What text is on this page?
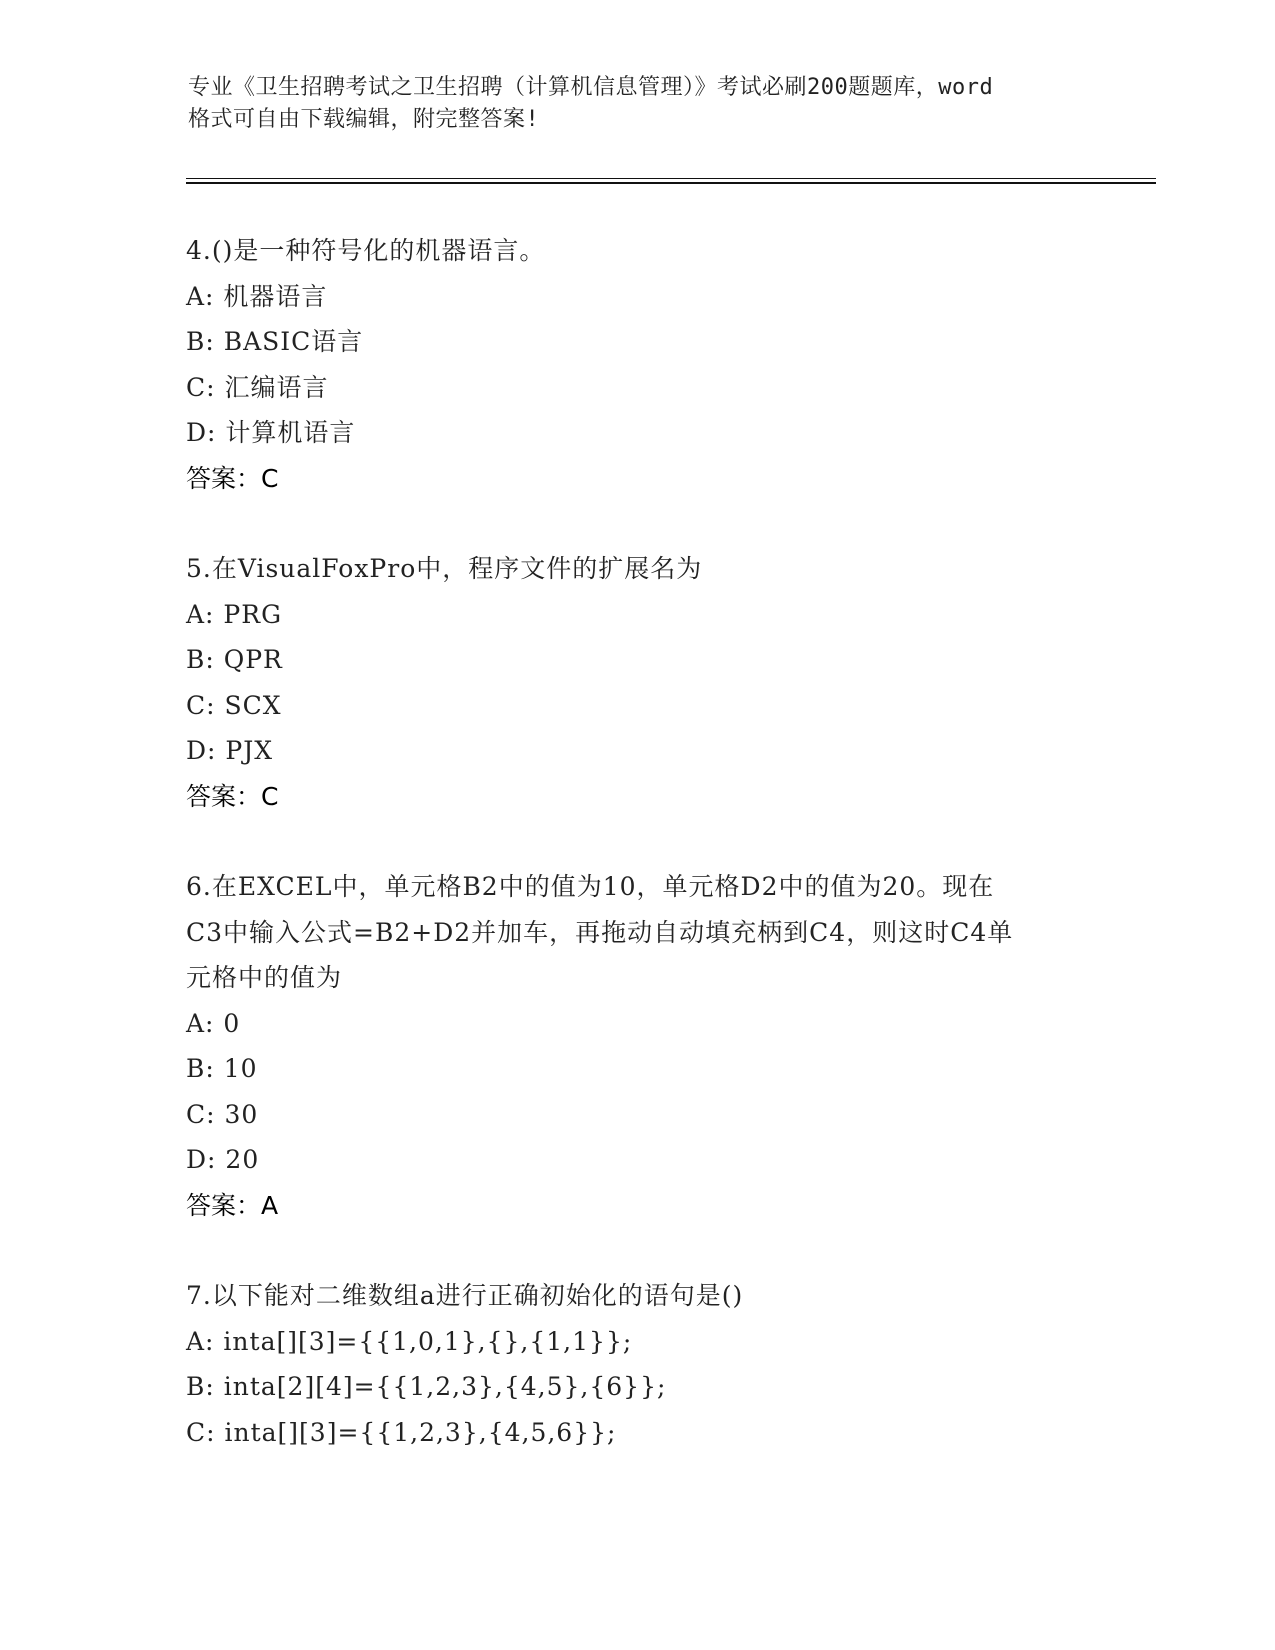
专业《卫生招聘考试之卫生招聘（计算机信息管理）》考试必刷200题题库，word
格式可自由下载编辑，附完整答案!
4.()是一种符号化的机器语言。
A: 机器语言
B: BASIC语言
C: 汇编语言
D: 计算机语言
答案：C
5.在VisualFoxPro中，程序文件的扩展名为
A: PRG
B: QPR
C: SCX
D: PJX
答案：C
6.在EXCEL中，单元格B2中的值为10，单元格D2中的值为20。现在
C3中输入公式=B2+D2并加车，再拖动自动填充柄到C4，则这时C4单
元格中的值为
A: 0
B: 10
C: 30
D: 20
答案：A
7.以下能对二维数组a进行正确初始化的语句是()
A: inta[][3]={{1,0,1},{},{1,1}};
B: inta[2][4]={{1,2,3},{4,5},{6}};
C: inta[][3]={{1,2,3},{4,5,6}};
